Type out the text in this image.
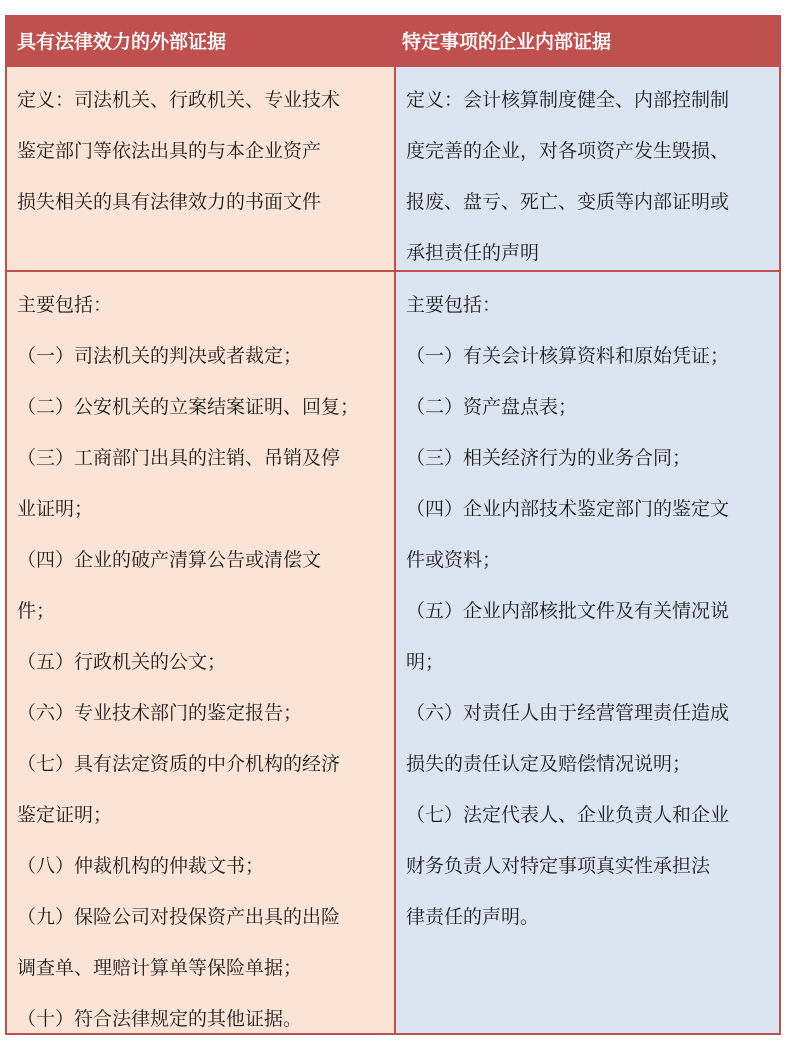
具有法律效力的外部证据	特定事项的企业内部证据
定义：司法机关、行政机关、专业技术
鉴定部门等依法出具的与本企业资产
损失相关的具有法律效力的书面文件
定义：会计核算制度健全、内部控制制
度完善的企业，对各项资产发生毁损、
报废、盘亏、死亡、变质等内部证明或
承担责任的声明
主要包括：
（一）司法机关的判决或者裁定；
（二）公安机关的立案结案证明、回复；
（三）工商部门出具的注销、吊销及停
业证明；
（四）企业的破产清算公告或清偿文
件；
（五）行政机关的公文；
（六）专业技术部门的鉴定报告；
（七）具有法定资质的中介机构的经济
鉴定证明；
（八）仲裁机构的仲裁文书；
（九）保险公司对投保资产出具的出险
调查单、理赔计算单等保险单据；
（十）符合法律规定的其他证据。
主要包括：
（一）有关会计核算资料和原始凭证；
（二）资产盘点表；
（三）相关经济行为的业务合同；
（四）企业内部技术鉴定部门的鉴定文
件或资料；
（五）企业内部核批文件及有关情况说
明；
（六）对责任人由于经营管理责任造成
损失的责任认定及赔偿情况说明；
（七）法定代表人、企业负责人和企业
财务负责人对特定事项真实性承担法
律责任的声明。
